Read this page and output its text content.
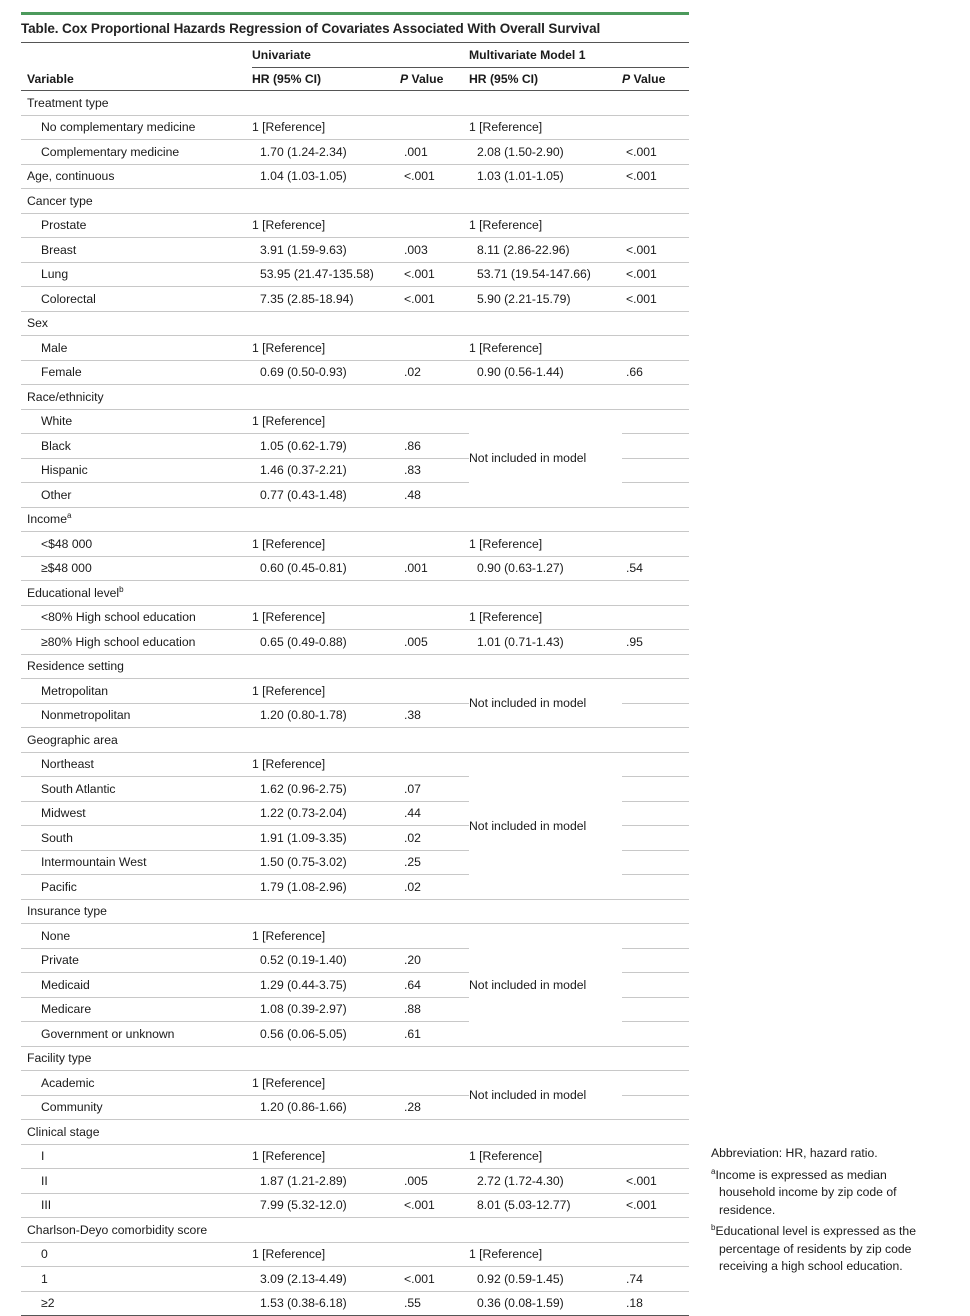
Table. Cox Proportional Hazards Regression of Covariates Associated With Overall Survival
	Univariate		Multivariate Model 1	
Variable	HR (95% CI)	P Value	HR (95% CI)	P Value
Treatment type				
No complementary medicine	1 [Reference]		1 [Reference]	
Complementary medicine	1.70 (1.24-2.34)	.001	2.08 (1.50-2.90)	<.001
Age, continuous	1.04 (1.03-1.05)	<.001	1.03 (1.01-1.05)	<.001
Cancer type				
Prostate	1 [Reference]		1 [Reference]	
Breast	3.91 (1.59-9.63)	.003	8.11 (2.86-22.96)	<.001
Lung	53.95 (21.47-135.58)	<.001	53.71 (19.54-147.66)	<.001
Colorectal	7.35 (2.85-18.94)	<.001	5.90 (2.21-15.79)	<.001
Sex				
Male	1 [Reference]		1 [Reference]	
Female	0.69 (0.50-0.93)	.02	0.90 (0.56-1.44)	.66
Race/ethnicity				
White	1 [Reference]		Not included in model	
Black	1.05 (0.62-1.79)	.86		
Hispanic	1.46 (0.37-2.21)	.83		
Other	0.77 (0.43-1.48)	.48		
Income$^a$				
<$48 000	1 [Reference]		1 [Reference]	
≥$48 000	0.60 (0.45-0.81)	.001	0.90 (0.63-1.27)	.54
Educational level$^b$				
<80% High school education	1 [Reference]		1 [Reference]	
≥80% High school education	0.65 (0.49-0.88)	.005	1.01 (0.71-1.43)	.95
Residence setting				
Metropolitan	1 [Reference]		Not included in model	
Nonmetropolitan	1.20 (0.80-1.78)	.38		
Geographic area				
Northeast	1 [Reference]		Not included in model	
South Atlantic	1.62 (0.96-2.75)	.07		
Midwest	1.22 (0.73-2.04)	.44		
South	1.91 (1.09-3.35)	.02		
Intermountain West	1.50 (0.75-3.02)	.25		
Pacific	1.79 (1.08-2.96)	.02		
Insurance type				
None	1 [Reference]		Not included in model	
Private	0.52 (0.19-1.40)	.20		
Medicaid	1.29 (0.44-3.75)	.64		
Medicare	1.08 (0.39-2.97)	.88		
Government or unknown	0.56 (0.06-5.05)	.61		
Facility type				
Academic	1 [Reference]		Not included in model	
Community	1.20 (0.86-1.66)	.28		
Clinical stage				
I	1 [Reference]		1 [Reference]	
II	1.87 (1.21-2.89)	.005	2.72 (1.72-4.30)	<.001
III	7.99 (5.32-12.0)	<.001	8.01 (5.03-12.77)	<.001
Charlson-Deyo comorbidity score				
0	1 [Reference]		1 [Reference]	
1	3.09 (2.13-4.49)	<.001	0.92 (0.59-1.45)	.74
≥2	1.53 (0.38-6.18)	.55	0.36 (0.08-1.59)	.18

Abbreviation: HR, hazard ratio.

$^a$Income is expressed as median household income by zip code of residence.

$^b$Educational level is expressed as the percentage of residents by zip code receiving a high school education.
